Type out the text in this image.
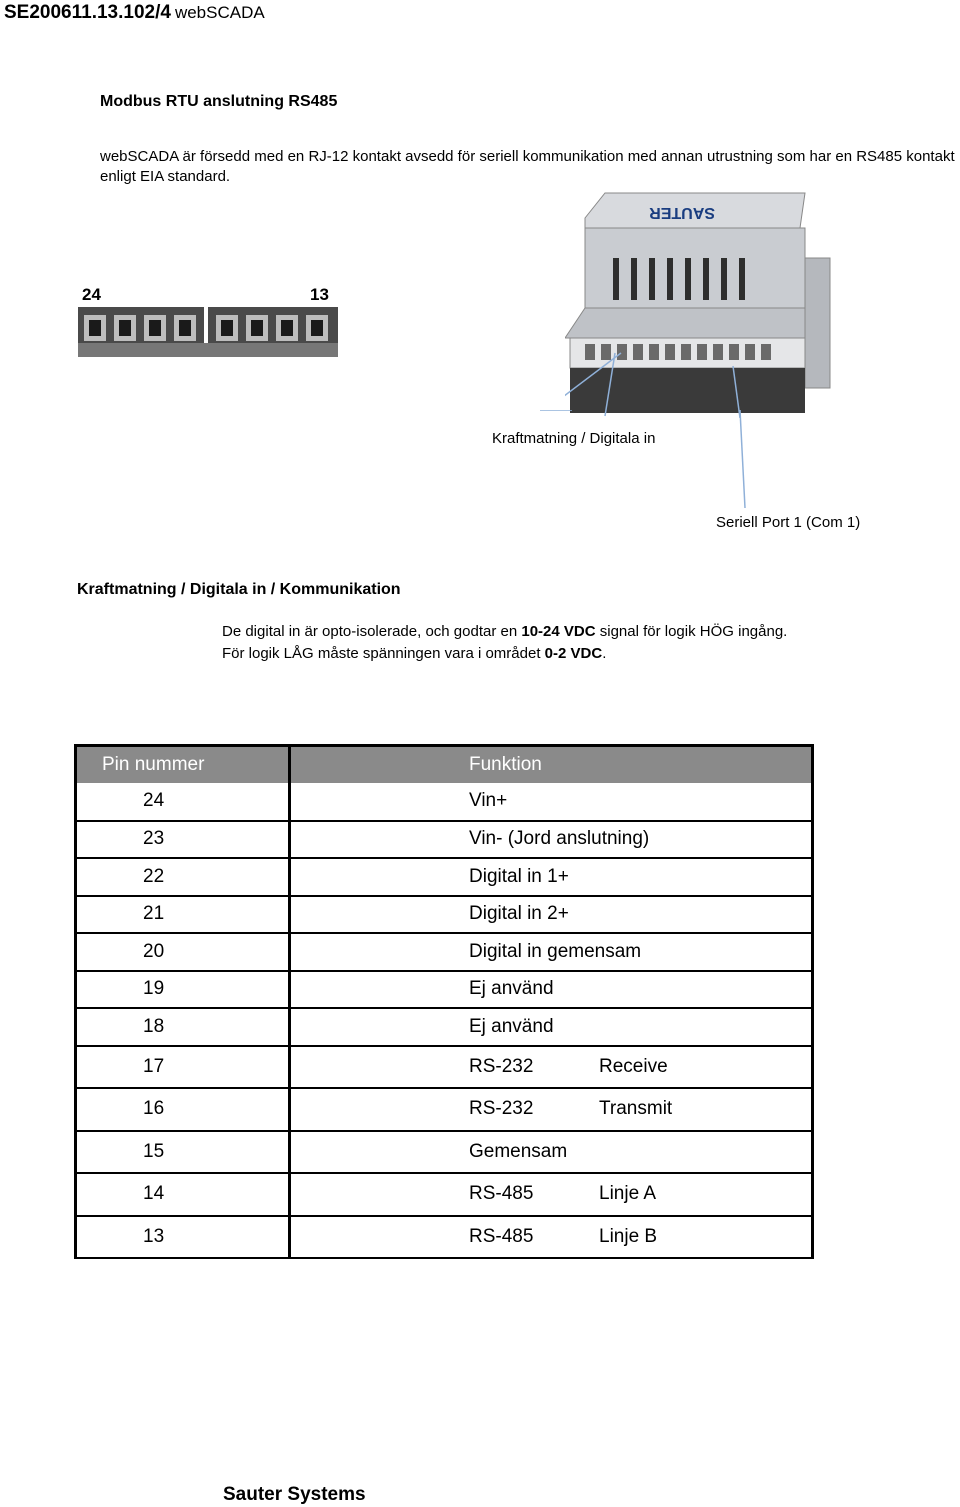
SE200611.13.102/4 webSCADA
Modbus RTU anslutning RS485
webSCADA är försedd med en RJ-12 kontakt avsedd för seriell kommunikation med annan utrustning som har en RS485 kontakt enligt EIA standard.
24	13
SAUTER
Kraftmatning / Digitala in
Seriell Port 1 (Com 1)
Kraftmatning / Digitala in / Kommunikation
De digital in är opto-isolerade, och godtar en 10-24 VDC signal för logik HÖG ingång.
För logik LÅG måste spänningen vara i området 0-2 VDC.
Pin nummer	Funktion
24	Vin+
23	Vin- (Jord anslutning)
22	Digital in 1+
21	Digital in 2+
20	Digital in gemensam
19	Ej använd
18	Ej använd
17	RS-232 Receive
16	RS-232 Transmit
15	Gemensam
14	RS-485 Linje A
13	RS-485 Linje B
Sauter Systems
